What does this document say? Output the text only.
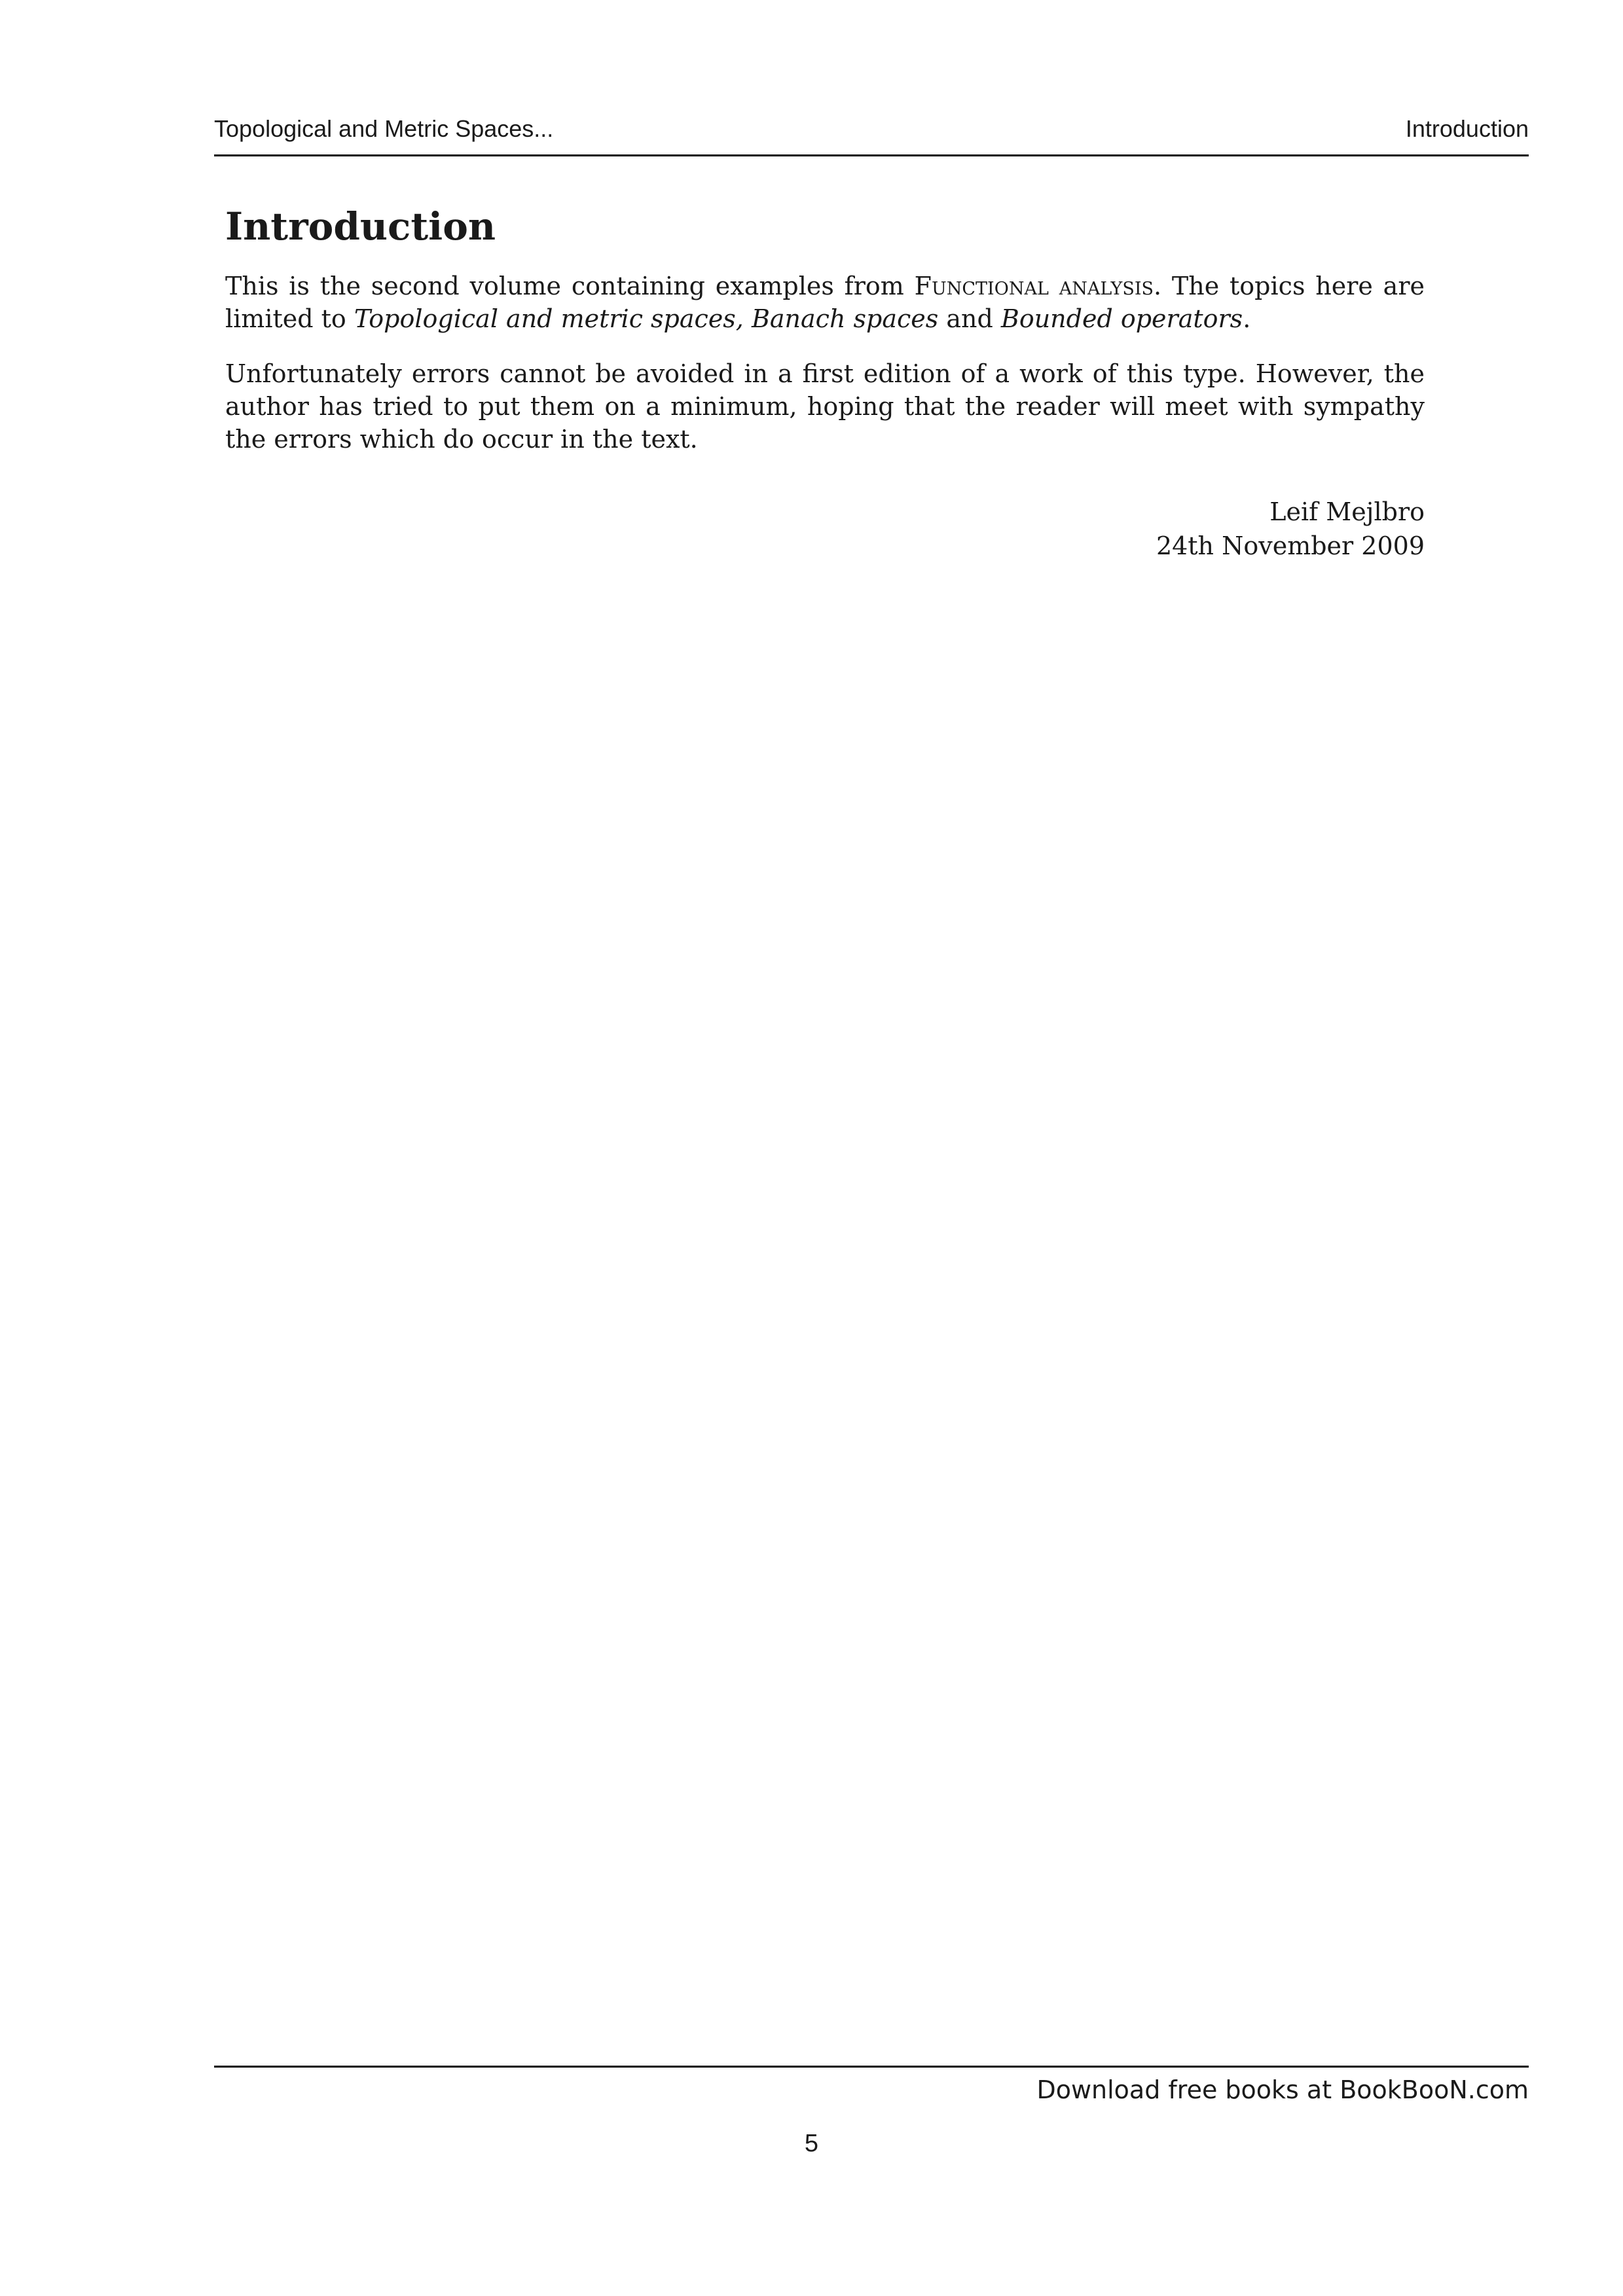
Topological and Metric Spaces...	Introduction
Introduction

This is the second volume containing examples from Functional analysis. The topics here are limited to Topological and metric spaces, Banach spaces and Bounded operators.

Unfortunately errors cannot be avoided in a first edition of a work of this type. However, the author has tried to put them on a minimum, hoping that the reader will meet with sympathy the errors which do occur in the text.

Leif Mejlbro
24th November 2009
Download free books at BookBooN.com
5
